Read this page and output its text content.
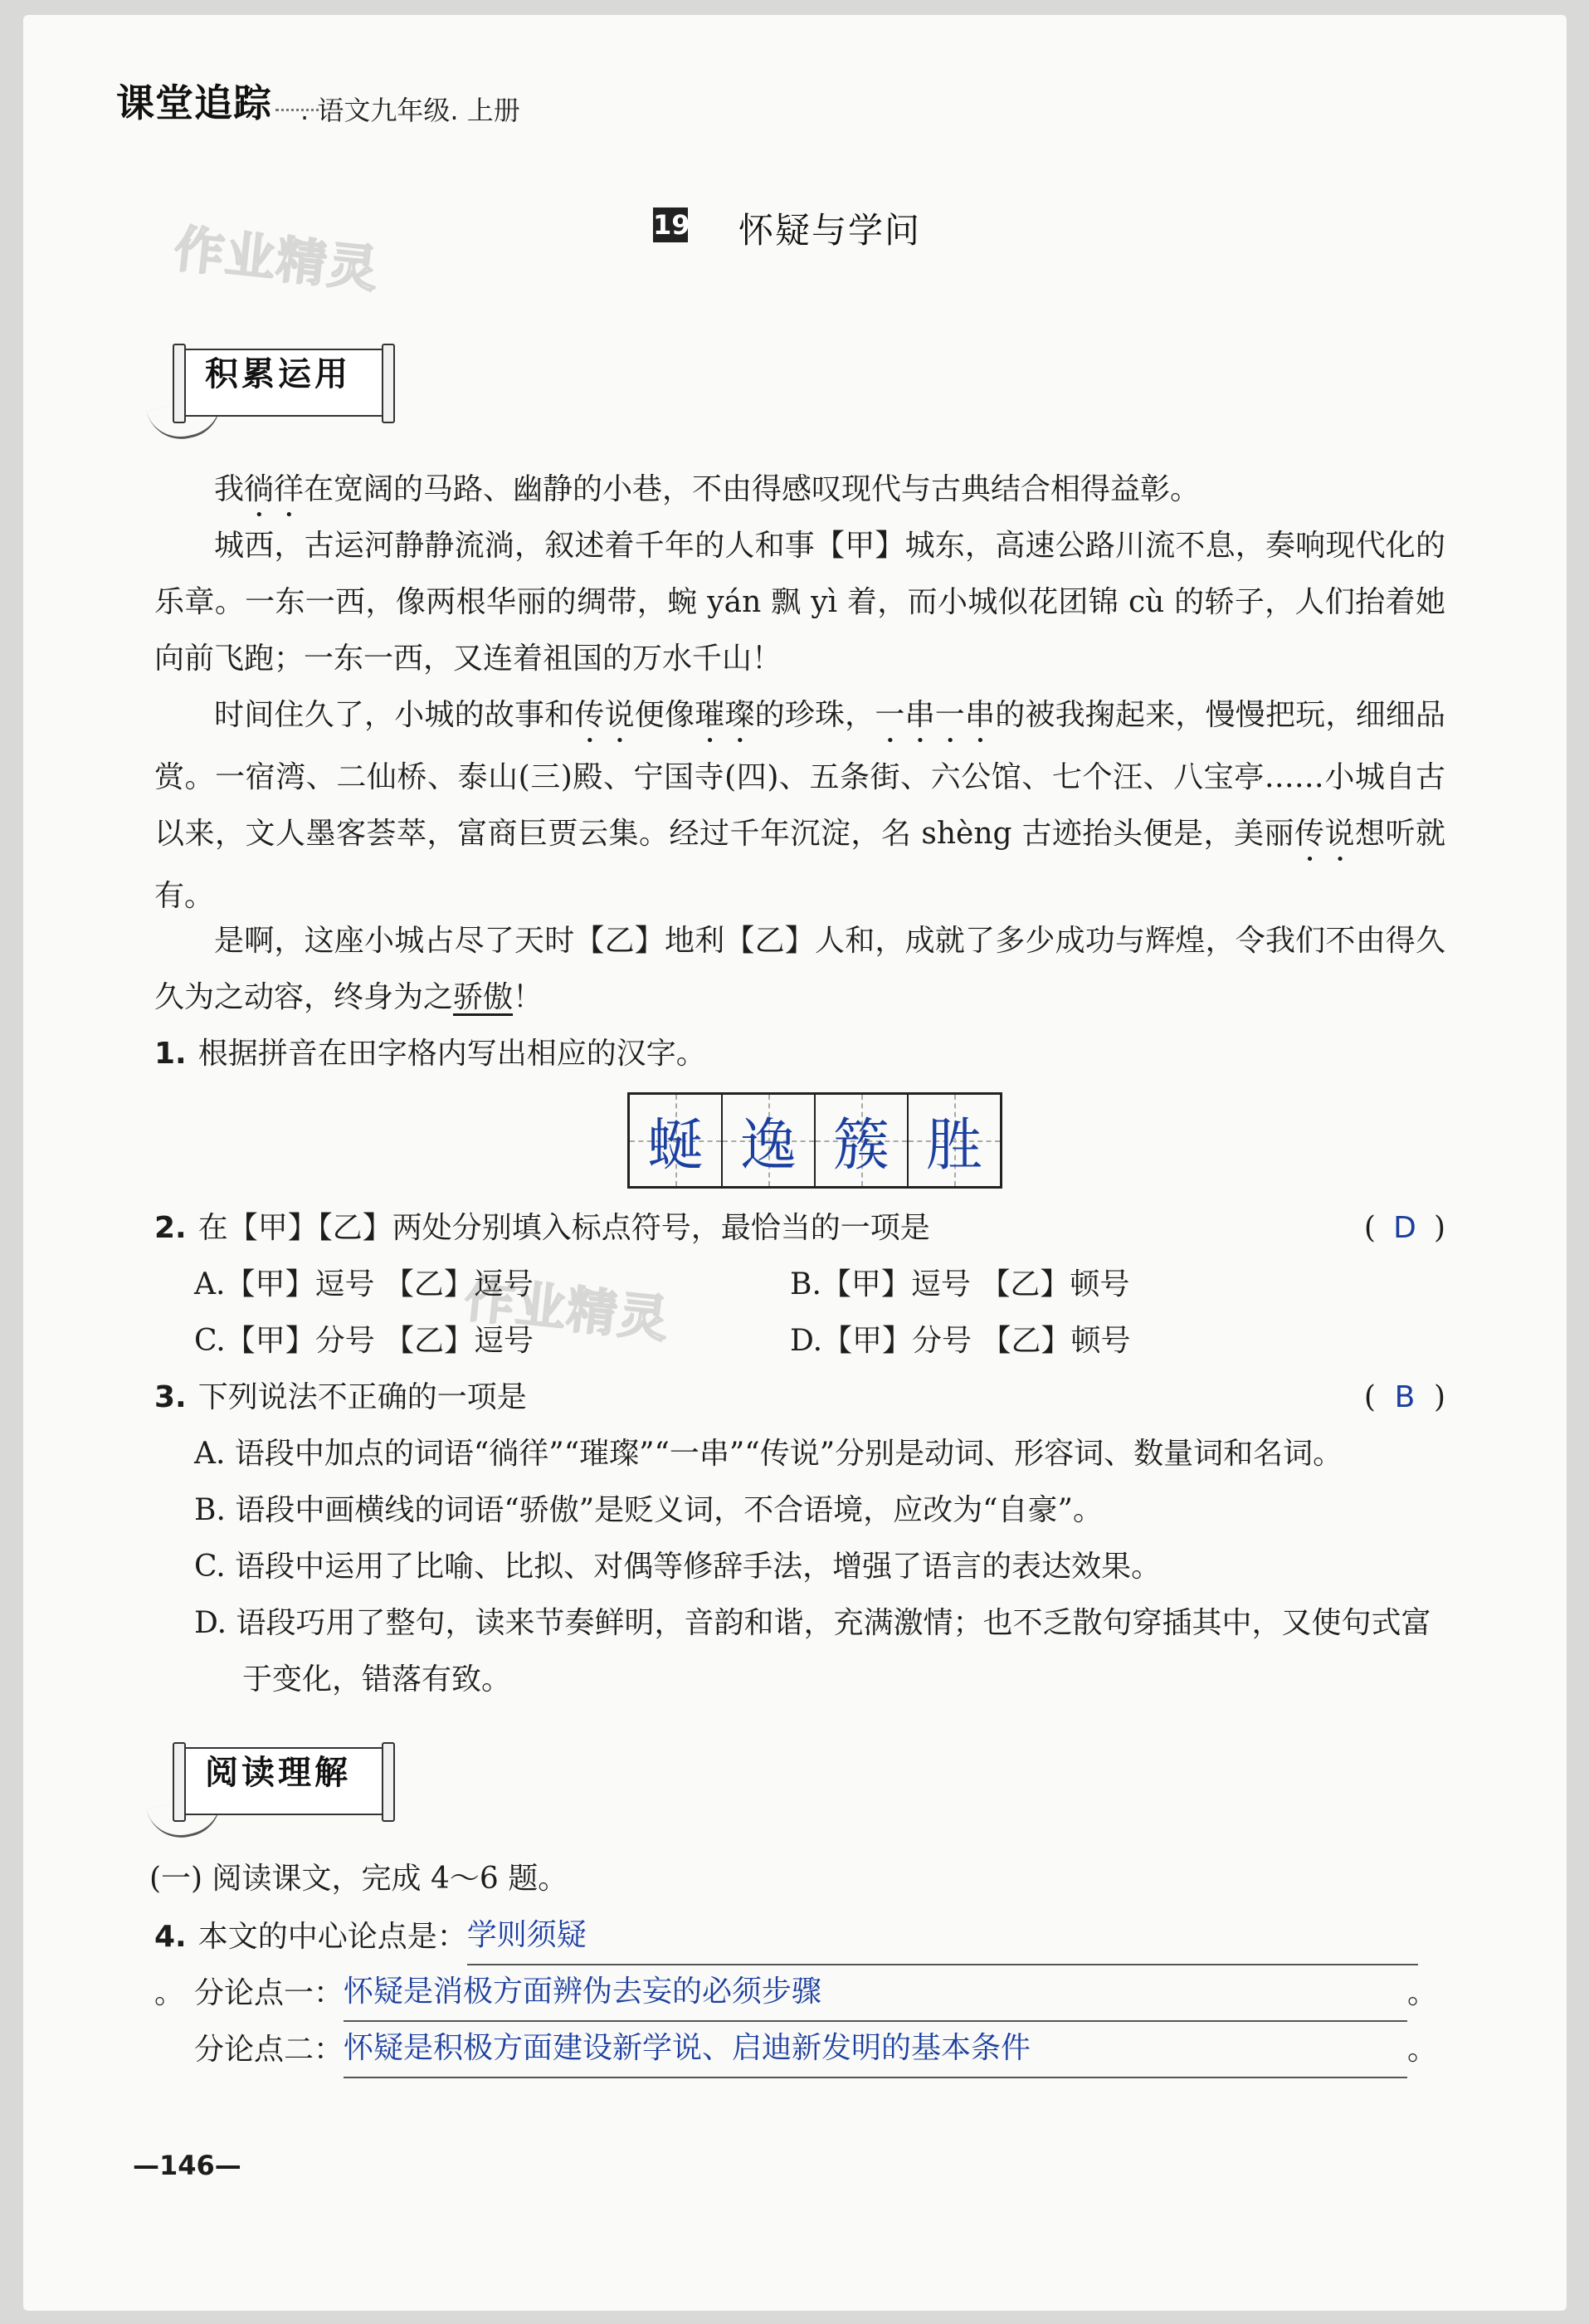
课堂追踪	. 语文九年级. 上册
作业精灵
作业精灵
19 怀疑与学问
积累运用

我徜徉在宽阔的马路、幽静的小巷，不由得感叹现代与古典结合相得益彰。

城西，古运河静静流淌，叙述着千年的人和事【甲】城东，高速公路川流不息，奏响现代化的乐章。一东一西，像两根华丽的绸带，蜿 yán 飘 yì 着，而小城似花团锦 cù 的轿子，人们抬着她向前飞跑；一东一西，又连着祖国的万水千山！

时间住久了，小城的故事和传说便像璀璨的珍珠，一串一串的被我掬起来，慢慢把玩，细细品赏。一宿湾、二仙桥、泰山(三)殿、宁国寺(四)、五条街、六公馆、七个汪、八宝亭……小城自古以来，文人墨客荟萃，富商巨贾云集。经过千年沉淀，名 shèng 古迹抬头便是，美丽传说想听就有。

是啊，这座小城占尽了天时【乙】地利【乙】人和，成就了多少成功与辉煌，令我们不由得久久为之动容，终身为之骄傲！

1. 根据拼音在田字格内写出相应的汉字。

蜒 逸 簇 胜
2. 在【甲】【乙】两处分别填入标点符号，最恰当的一项是	( D )
A.【甲】逗号 【乙】逗号	B.【甲】逗号 【乙】顿号
C.【甲】分号 【乙】逗号	D.【甲】分号 【乙】顿号
3. 下列说法不正确的一项是	( B )
A. 语段中加点的词语“徜徉”“璀璨”“一串”“传说”分别是动词、形容词、数量词和名词。
B. 语段中画横线的词语“骄傲”是贬义词，不合语境，应改为“自豪”。
C. 语段中运用了比喻、比拟、对偶等修辞手法，增强了语言的表达效果。
D. 语段巧用了整句，读来节奏鲜明，音韵和谐，充满激情；也不乏散句穿插其中，又使句式富于变化，错落有致。
阅读理解
(一) 阅读课文，完成 4～6 题。
4. 本文的中心论点是：学则须疑。 分论点一：怀疑是消极方面辨伪去妄的必须步骤	。
分论点二：怀疑是积极方面建设新学说、启迪新发明的基本条件	。
—146—
